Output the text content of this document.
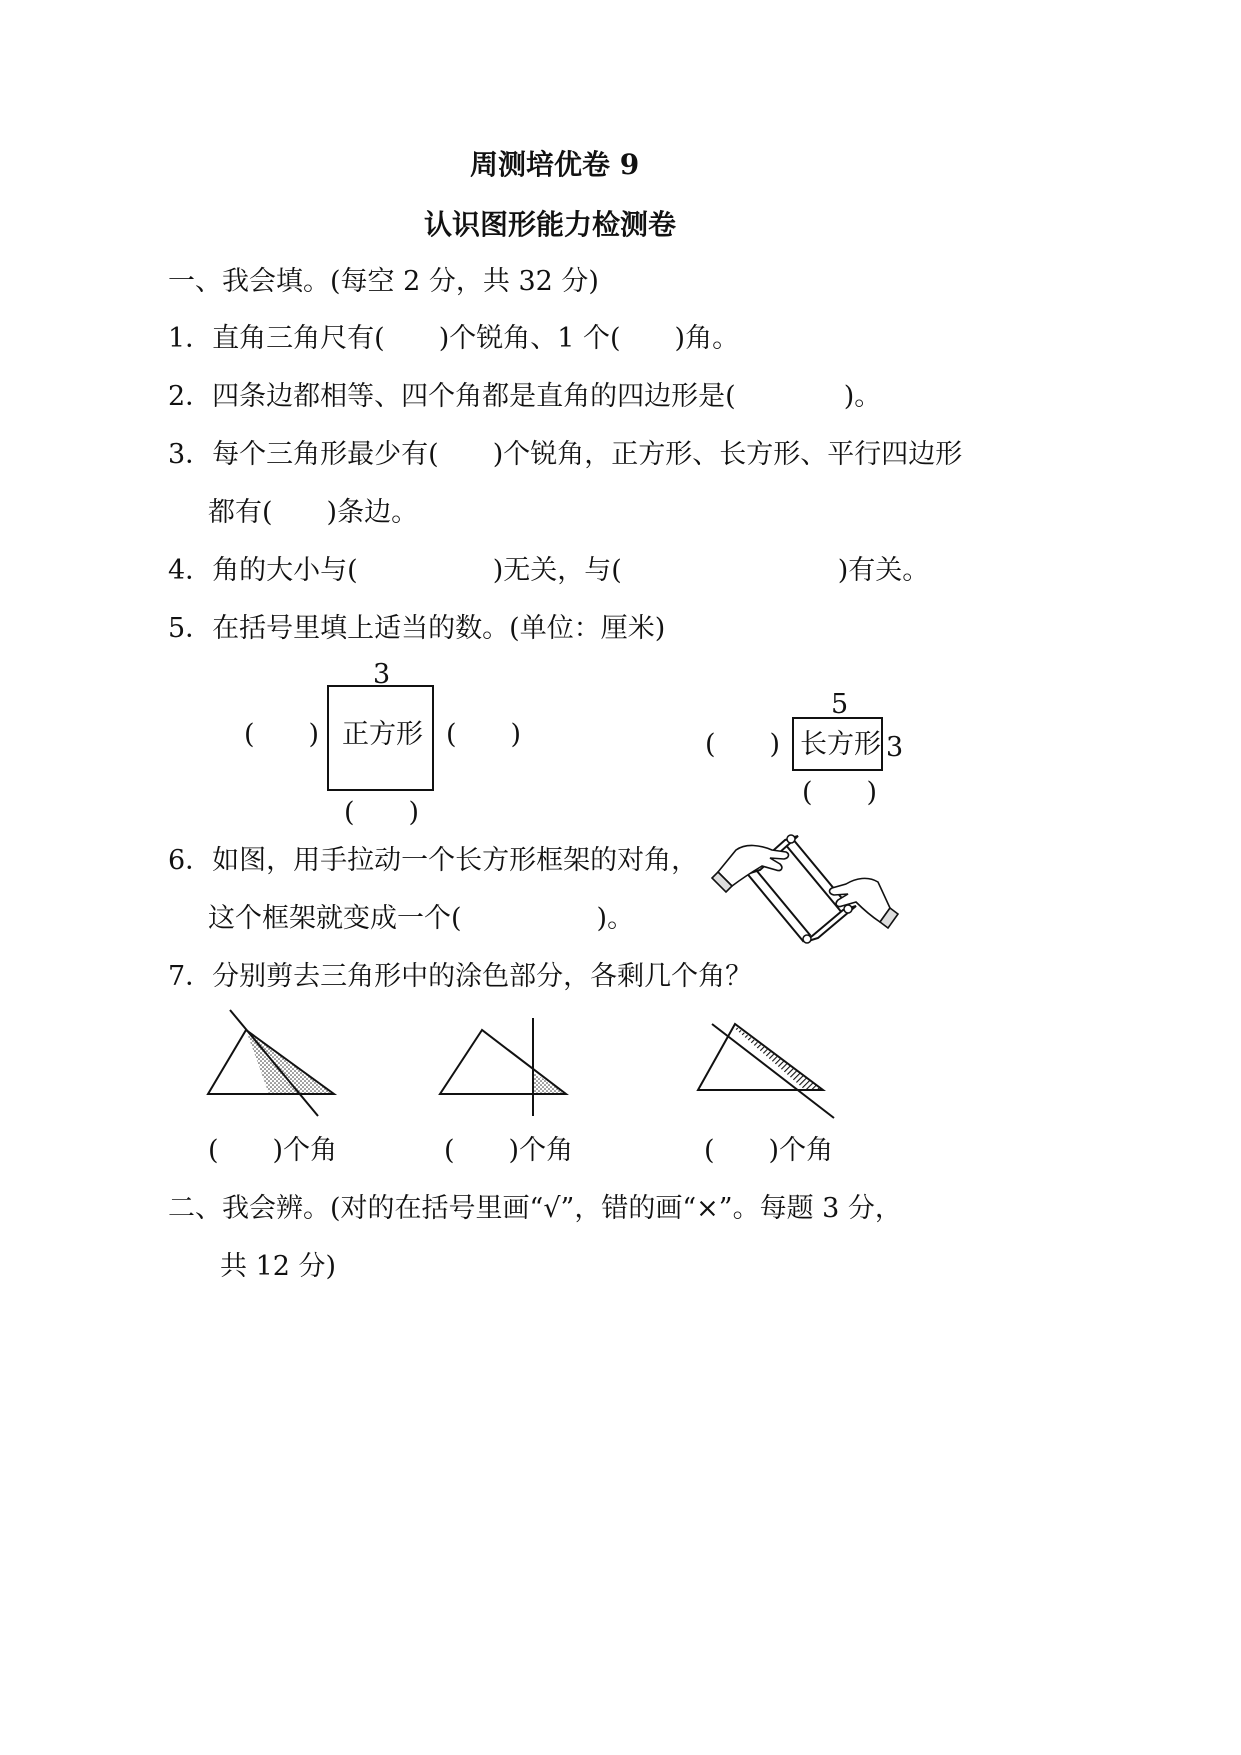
周测培优卷 9
认识图形能力检测卷
一、我会填。(每空 2 分，共 32 分)
1．直角三角尺有(　　)个锐角、1 个(　　)角。
2．四条边都相等、四个角都是直角的四边形是(　　　　)。
3．每个三角形最少有(　　)个锐角，正方形、长方形、平行四边形
都有(　　)条边。
4．角的大小与(　　　　　)无关，与(　　　　　　　　)有关。
5．在括号里填上适当的数。(单位：厘米)
3
正方形
(　　)	(　　)
(　　)
5
长方形 3
(　　)
(　　)
6．如图，用手拉动一个长方形框架的对角，
这个框架就变成一个(　　　　　)。
7．分别剪去三角形中的涂色部分，各剩几个角？
(　　)个角	(　　)个角	(　　)个角
二、我会辨。(对的在括号里画“√”，错的画“×”。每题 3 分，
共 12 分)
